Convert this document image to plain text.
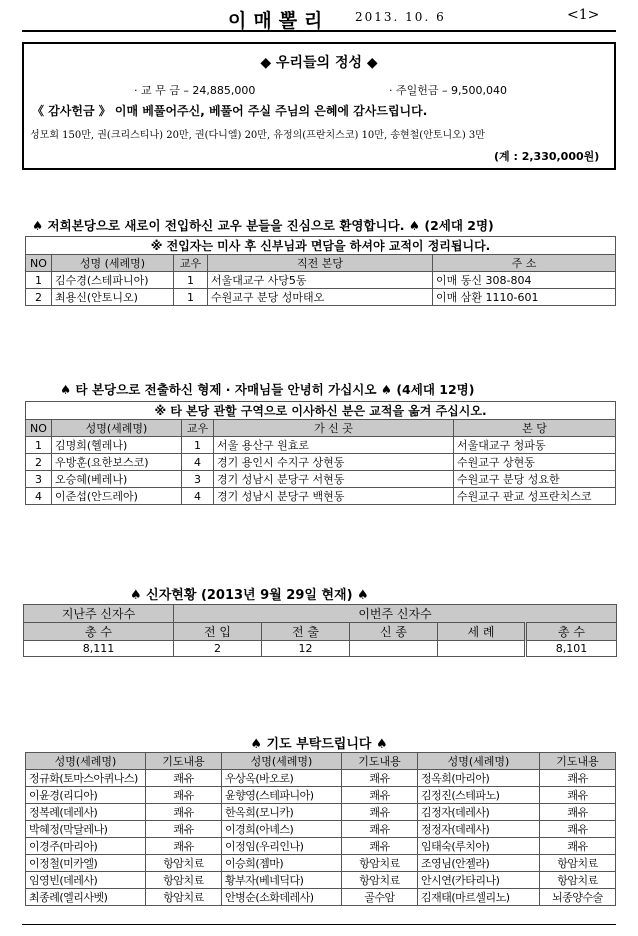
이매뽈리 2013. 10. 6	<1>
◆ 우리들의 정성 ◆
· 교 무 금 – 24,885,000	· 주일헌금 – 9,500,040
《 감사헌금 》 이매 베풀어주신, 베풀어 주실 주님의 은혜에 감사드립니다.
성모회 150만, 권(크리스티나) 20만, 권(다니엘) 20만, 유정의(프란치스코) 10만, 송현철(안토니오) 3만
(계 : 2,330,000원)
♠ 저희본당으로 새로이 전입하신 교우 분들을 진심으로 환영합니다. ♠ (2세대 2명)
※ 전입자는 미사 후 신부님과 면담을 하셔야 교적이 정리됩니다.				
NO	성명 (세례명)	교우	직전 본당	주 소
1	김수경(스테파니아)	1	서울대교구 사당5동	이매 동신 308-804
2	최용신(안토니오)	1	수원교구 분당 성마태오	이매 삼환 1110-601
♠ 타 본당으로 전출하신 형제 · 자매님들 안녕히 가십시오 ♠ (4세대 12명)
※ 타 본당 관할 구역으로 이사하신 분은 교적을 옮겨 주십시오.				
NO	성명(세례명)	교우	가 신 곳	본 당
1	김명희(헬레나)	1	서울 용산구 원효로	서울대교구 청파동
2	우방훈(요한보스코)	4	경기 용인시 수지구 상현동	수원교구 상현동
3	오승혜(베레나)	3	경기 성남시 분당구 서현동	수원교구 분당 성요한
4	이준섭(안드레아)	4	경기 성남시 분당구 백현동	수원교구 판교 성프란치스코
♠ 신자현황 (2013년 9월 29일 현재) ♠
지난주 신자수	이번주 신자수				
총 수	전 입	전 출	신 종	세 례	총 수
8,111	2	12			8,101
♠ 기도 부탁드립니다 ♠
성명(세례명)	기도내용	성명(세례명)	기도내용	성명(세례명)	기도내용
정규화(토마스아퀴나스)	쾌유	우상옥(바오로)	쾌유	정옥희(마리아)	쾌유
이윤경(리디아)	쾌유	윤향영(스테파니아)	쾌유	김정진(스테파노)	쾌유
정복례(데레사)	쾌유	한옥희(모니카)	쾌유	김정자(데레사)	쾌유
박혜정(막달레나)	쾌유	이경희(아녜스)	쾌유	정정자(데레사)	쾌유
이경주(마리아)	쾌유	이정임(우리인나)	쾌유	임태숙(루치아)	쾌유
이정철(미카엘)	항암치료	이승희(젬마)	항암치료	조영님(안젤라)	항암치료
임영빈(데레사)	항암치료	황부자(베네딕다)	항암치료	안시연(카타리나)	항암치료
최종례(엘리사벳)	항암치료	안병순(소화데레사)	골수암	김재태(마르셀리노)	뇌종양수술
